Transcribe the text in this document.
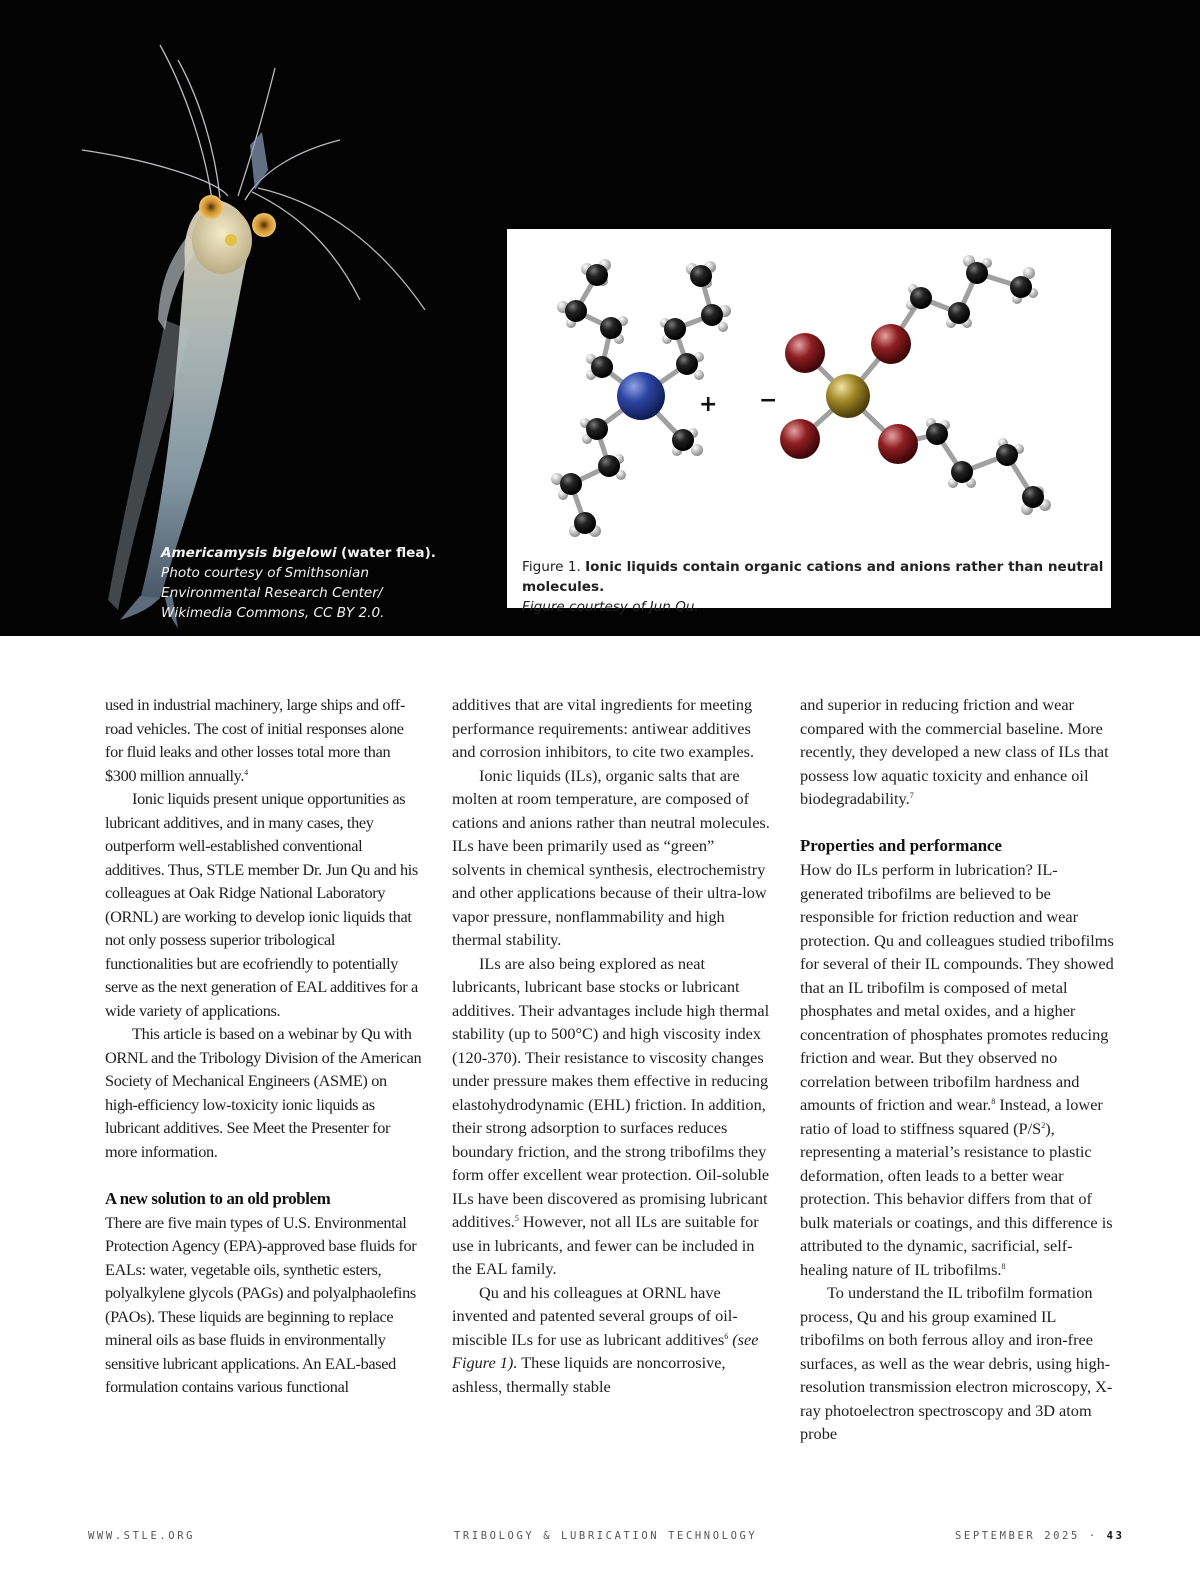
Americamysis bigelowi (water flea).
Photo courtesy of Smithsonian
Environmental Research Center/
Wikimedia Commons, CC BY 2.0.
+ −
Figure 1. Ionic liquids contain organic cations and anions rather than neutral molecules.
Figure courtesy of Jun Qu.

used in industrial machinery, large ships and off-road vehicles. The cost of initial responses alone for fluid leaks and other losses total more than $300 million annually.$^4$

Ionic liquids present unique opportunities as lubricant additives, and in many cases, they outperform well-established conventional additives. Thus, STLE member Dr. Jun Qu and his colleagues at Oak Ridge National Laboratory (ORNL) are working to develop ionic liquids that not only possess superior tribological functionalities but are ecofriendly to potentially serve as the next generation of EAL additives for a wide variety of applications.

This article is based on a webinar by Qu with ORNL and the Tribology Division of the American Society of Mechanical Engineers (ASME) on high-efficiency low-toxicity ionic liquids as lubricant additives. See Meet the Presenter for more information.

A new solution to an old problem

There are five main types of U.S. Environmental Protection Agency (EPA)-approved base fluids for EALs: water, vegetable oils, synthetic esters, polyalkylene glycols (PAGs) and polyalphaolefins (PAOs). These liquids are beginning to replace mineral oils as base fluids in environmentally sensitive lubricant applications. An EAL-based formulation contains various functional

additives that are vital ingredients for meeting performance requirements: antiwear additives and corrosion inhibitors, to cite two examples.

Ionic liquids (ILs), organic salts that are molten at room temperature, are composed of cations and anions rather than neutral molecules. ILs have been primarily used as “green” solvents in chemical synthesis, electrochemistry and other applications because of their ultra-low vapor pressure, nonflammability and high thermal stability.

ILs are also being explored as neat lubricants, lubricant base stocks or lubricant additives. Their advantages include high thermal stability (up to 500°C) and high viscosity index (120-370). Their resistance to viscosity changes under pressure makes them effective in reducing elastohydrodynamic (EHL) friction. In addition, their strong adsorption to surfaces reduces boundary friction, and the strong tribofilms they form offer excellent wear protection. Oil-soluble ILs have been discovered as promising lubricant additives.$^5$ However, not all ILs are suitable for use in lubricants, and fewer can be included in the EAL family.

Qu and his colleagues at ORNL have invented and patented several groups of oil-miscible ILs for use as lubricant additives$^6$ (see Figure 1). These liquids are noncorrosive, ashless, thermally stable

and superior in reducing friction and wear compared with the commercial baseline. More recently, they developed a new class of ILs that possess low aquatic toxicity and enhance oil biodegradability.$^7$

Properties and performance

How do ILs perform in lubrication? IL-generated tribofilms are believed to be responsible for friction reduction and wear protection. Qu and colleagues studied tribofilms for several of their IL compounds. They showed that an IL tribofilm is composed of metal phosphates and metal oxides, and a higher concentration of phosphates promotes reducing friction and wear. But they observed no correlation between tribofilm hardness and amounts of friction and wear.$^8$ Instead, a lower ratio of load to stiffness squared $(P/S^2)$, representing a material’s resistance to plastic deformation, often leads to a better wear protection. This behavior differs from that of bulk materials or coatings, and this difference is attributed to the dynamic, sacrificial, self-healing nature of IL tribofilms.$^8$

To understand the IL tribofilm formation process, Qu and his group examined IL tribofilms on both ferrous alloy and iron-free surfaces, as well as the wear debris, using high-resolution transmission electron microscopy, X-ray photoelectron spectroscopy and 3D atom probe

WWW.STLE.ORG	TRIBOLOGY & LUBRICATION TECHNOLOGY	SEPTEMBER 2025 · 43
